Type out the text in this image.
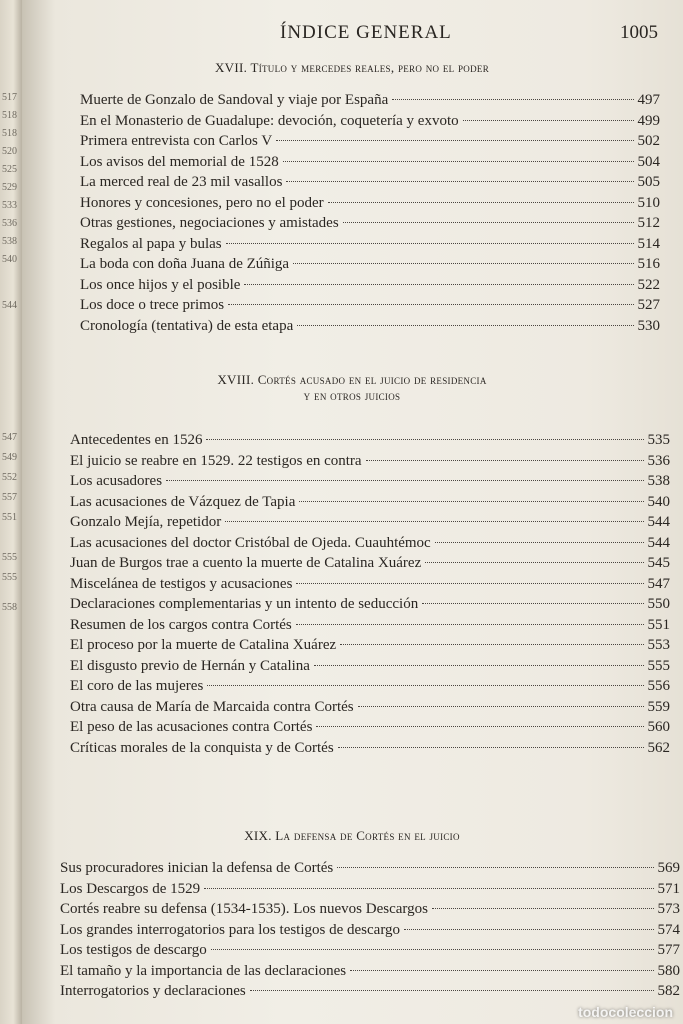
517
518
518
520
525
529
533
536
538
540
544
547
549
552
557
551
555
555
558
ÍNDICE GENERAL	1005
XVII. Título y mercedes reales, pero no el poder
Muerte de Gonzalo de Sandoval y viaje por España	497
En el Monasterio de Guadalupe: devoción, coquetería y exvoto	499
Primera entrevista con Carlos V	502
Los avisos del memorial de 1528	504
La merced real de 23 mil vasallos	505
Honores y concesiones, pero no el poder	510
Otras gestiones, negociaciones y amistades	512
Regalos al papa y bulas	514
La boda con doña Juana de Zúñiga	516
Los once hijos y el posible	522
Los doce o trece primos	527
Cronología (tentativa) de esta etapa	530
XVIII. Cortés acusado en el juicio de residencia
y en otros juicios
Antecedentes en 1526	535
El juicio se reabre en 1529. 22 testigos en contra	536
Los acusadores	538
Las acusaciones de Vázquez de Tapia	540
Gonzalo Mejía, repetidor	544
Las acusaciones del doctor Cristóbal de Ojeda. Cuauhtémoc	544
Juan de Burgos trae a cuento la muerte de Catalina Xuárez	545
Miscelánea de testigos y acusaciones	547
Declaraciones complementarias y un intento de seducción	550
Resumen de los cargos contra Cortés	551
El proceso por la muerte de Catalina Xuárez	553
El disgusto previo de Hernán y Catalina	555
El coro de las mujeres	556
Otra causa de María de Marcaida contra Cortés	559
El peso de las acusaciones contra Cortés	560
Críticas morales de la conquista y de Cortés	562
XIX. La defensa de Cortés en el juicio
Sus procuradores inician la defensa de Cortés	569
Los Descargos de 1529	571
Cortés reabre su defensa (1534-1535). Los nuevos Descargos	573
Los grandes interrogatorios para los testigos de descargo	574
Los testigos de descargo	577
El tamaño y la importancia de las declaraciones	580
Interrogatorios y declaraciones	582
todocoleccion
